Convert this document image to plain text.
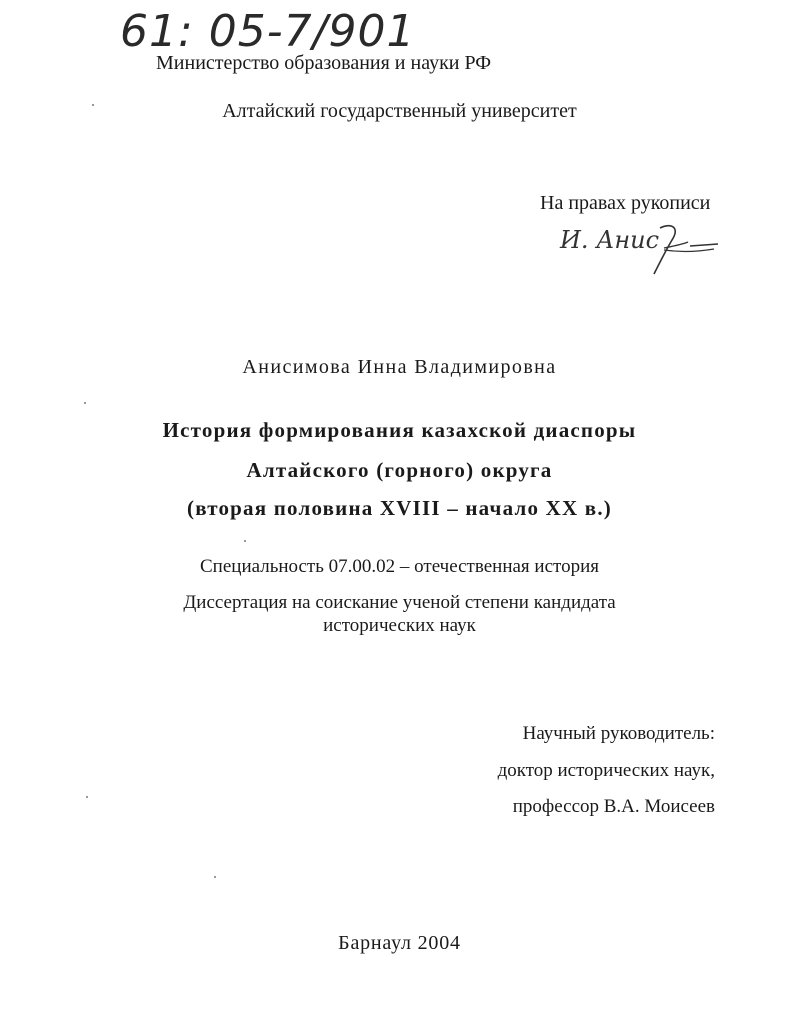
61: 05-7/901
Министерство образования и науки РФ
Алтайский государственный университет
На правах рукописи
И. Анис
Анисимова Инна Владимировна
История формирования казахской диаспоры
Алтайского (горного) округа
(вторая половина XVIII – начало XX в.)
Специальность 07.00.02 – отечественная история
Диссертация на соискание ученой степени кандидата
исторических наук
Научный руководитель:
доктор исторических наук,
профессор В.А. Моисеев
Барнаул 2004
